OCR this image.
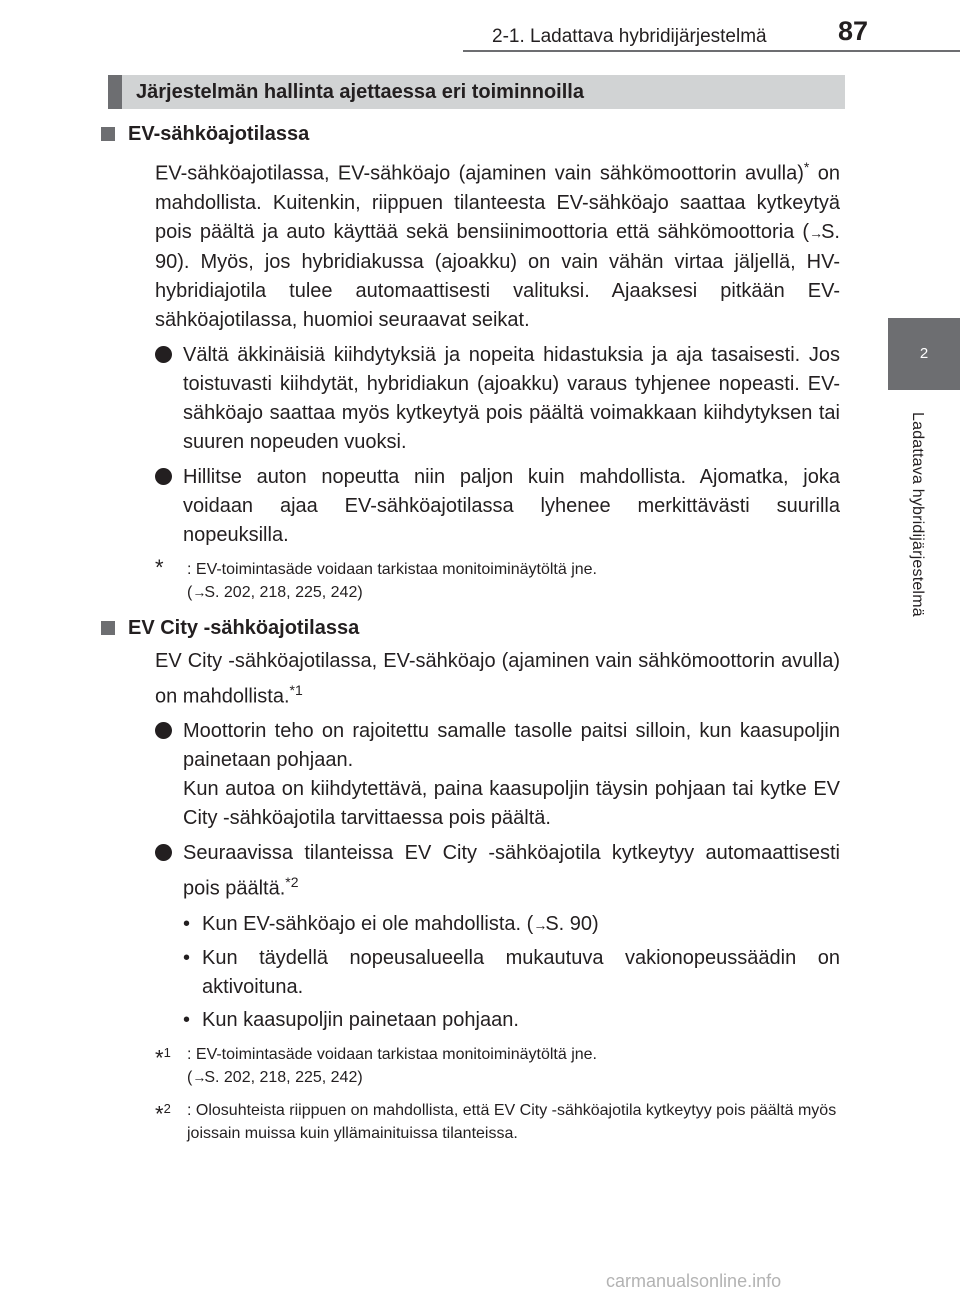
2-1. Ladattava hybridijärjestelmä	87
2
Ladattava hybridijärjestelmä
Järjestelmän hallinta ajettaessa eri toiminnoilla
EV-sähköajotilassa

EV-sähköajotilassa, EV-sähköajo (ajaminen vain sähkömoottorin avulla)* on mahdollista. Kuitenkin, riippuen tilanteesta EV-sähköajo saattaa kytkeytyä pois päältä ja auto käyttää sekä bensiinimoottoria että sähkömoottoria (→S. 90). Myös, jos hybridiakussa (ajoakku) on vain vähän virtaa jäljellä, HV-hybridiajotila tulee automaattisesti valituksi. Ajaaksesi pitkään EV-sähköajotilassa, huomioi seuraavat seikat.

Vältä äkkinäisiä kiihdytyksiä ja nopeita hidastuksia ja aja tasaisesti. Jos toistuvasti kiihdytät, hybridiakun (ajoakku) varaus tyhjenee nopeasti. EV-sähköajo saattaa myös kytkeytyä pois päältä voimakkaan kiihdytyksen tai suuren nopeuden vuoksi.
Hillitse auton nopeutta niin paljon kuin mahdollista. Ajomatka, joka voidaan ajaa EV-sähköajotilassa lyhenee merkittävästi suurilla nopeuksilla.
* : EV-toimintasäde voidaan tarkistaa monitoiminäytöltä jne.
(→S. 202, 218, 225, 242)
EV City -sähköajotilassa

EV City -sähköajotilassa, EV-sähköajo (ajaminen vain sähkömoottorin avulla) on mahdollista.$^{*1}$

Moottorin teho on rajoitettu samalle tasolle paitsi silloin, kun kaasupoljin painetaan pohjaan.
Kun autoa on kiihdytettävä, paina kaasupoljin täysin pohjaan tai kytke EV City -sähköajotila tarvittaessa pois päältä.
Seuraavissa tilanteissa EV City -sähköajotila kytkeytyy automaattisesti pois päältä.$^{*2}$
• Kun EV-sähköajo ei ole mahdollista. (→S. 90)
• Kun täydellä nopeusalueella mukautuva vakionopeussäädin on aktivoituna.
• Kun kaasupoljin painetaan pohjaan.
*$^1$ : EV-toimintasäde voidaan tarkistaa monitoiminäytöltä jne.
(→S. 202, 218, 225, 242)
*$^2$ : Olosuhteista riippuen on mahdollista, että EV City -sähköajotila kytkeytyy pois päältä myös joissain muissa kuin yllämainituissa tilanteissa.
carmanualsonline.info
